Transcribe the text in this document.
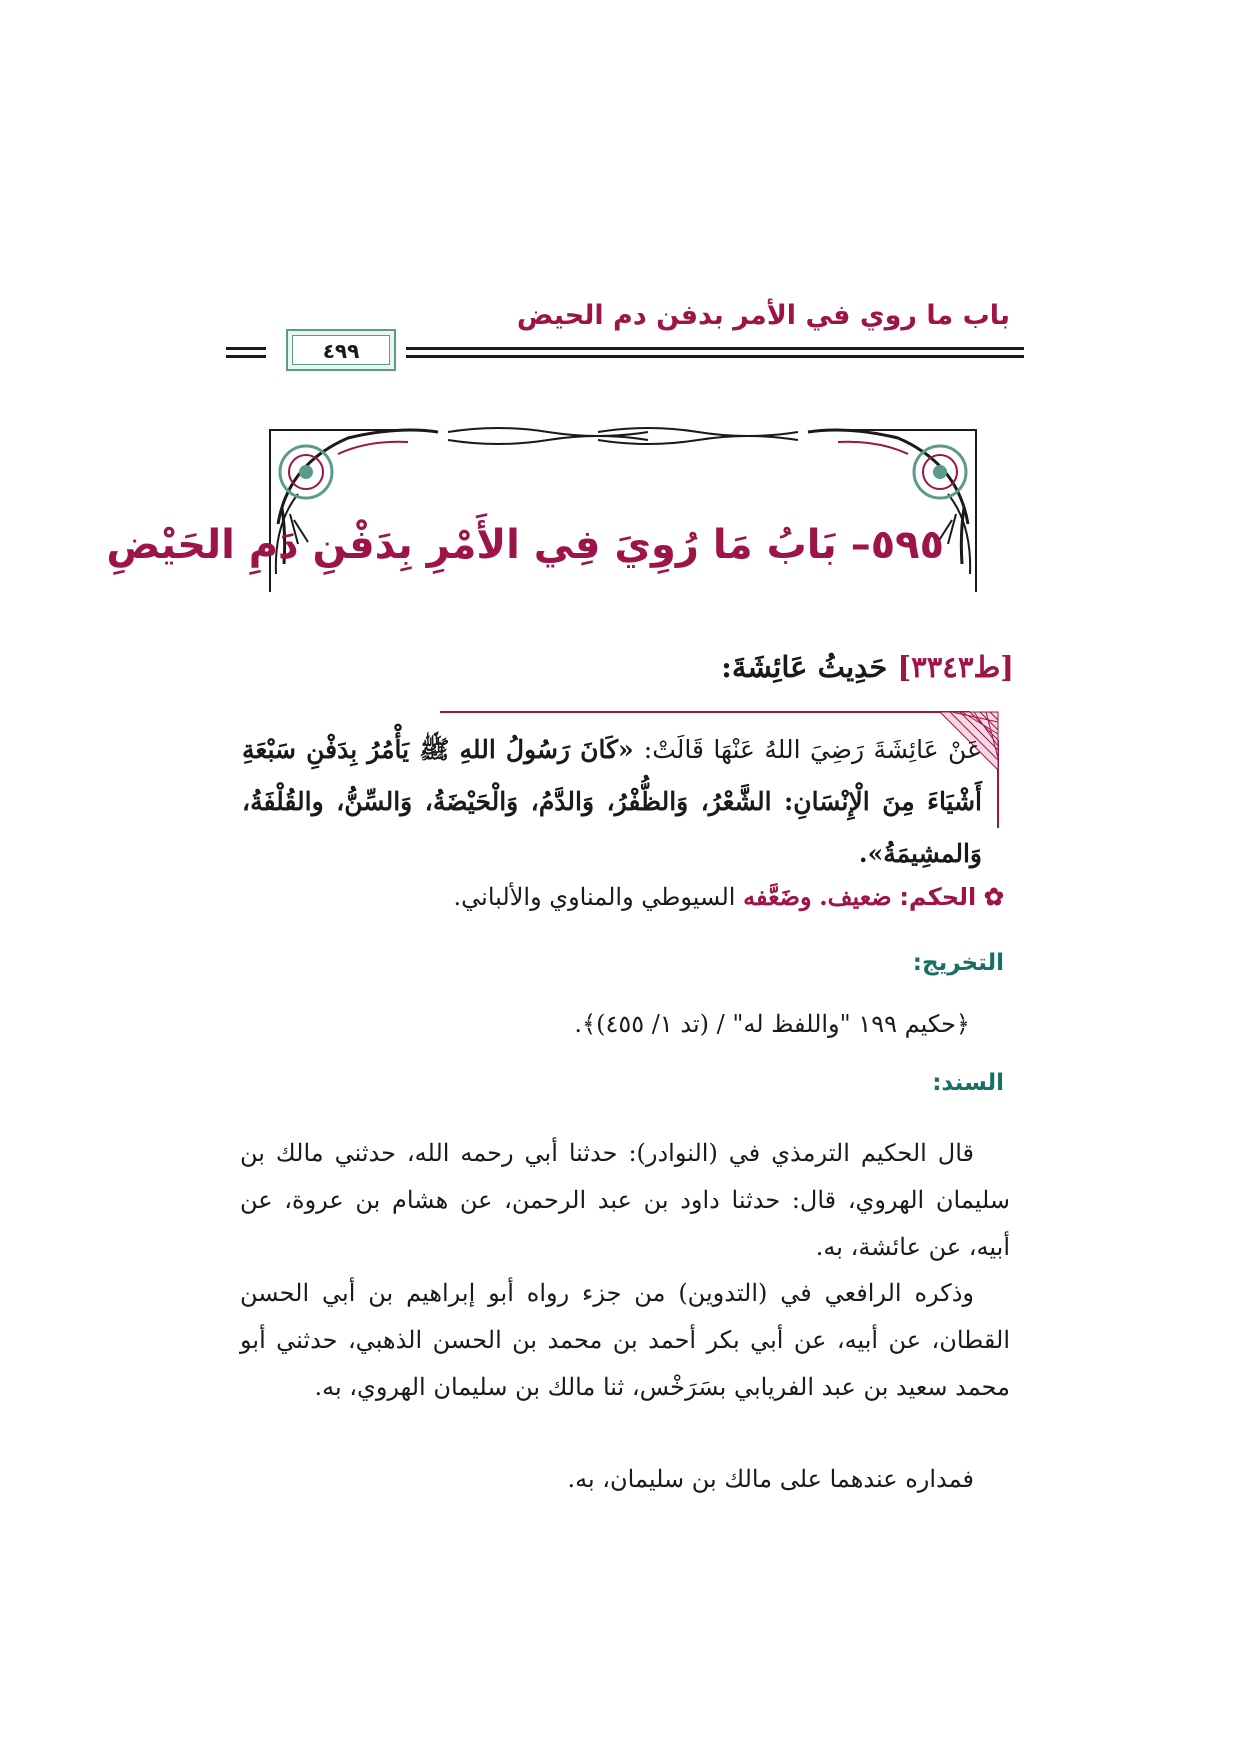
باب ما روي في الأمر بدفن دم الحيض
٤٩٩
٥٩٥– بَابُ مَا رُوِيَ فِي الأَمْرِ بِدَفْنِ دَمِ الحَيْضِ
[ط٣٣٤٣] حَدِيثُ عَائِشَةَ:
عَنْ عَائِشَةَ رَضِيَ اللهُ عَنْهَا قَالَتْ: «كَانَ رَسُولُ اللهِ ﷺ يَأْمُرُ بِدَفْنِ سَبْعَةِ أَشْيَاءَ مِنَ الْإِنْسَانِ: الشَّعْرُ، وَالظُّفْرُ، وَالدَّمُ، وَالْحَيْضَةُ، وَالسِّنُّ، والقُلْفَةُ، وَالمشِيمَةُ».
✿ الحكم: ضعيف. وضَعَّفه السيوطي والمناوي والألباني.
التخريج:
﴿حكيم ١٩٩ "واللفظ له" / (تد ١/ ٤٥٥)﴾.
السند:
قال الحكيم الترمذي في (النوادر): حدثنا أبي رحمه الله، حدثني مالك بن سليمان الهروي، قال: حدثنا داود بن عبد الرحمن، عن هشام بن عروة، عن أبيه، عن عائشة، به.
وذكره الرافعي في (التدوين) من جزء رواه أبو إبراهيم بن أبي الحسن القطان، عن أبيه، عن أبي بكر أحمد بن محمد بن الحسن الذهبي، حدثني أبو محمد سعيد بن عبد الفريابي بسَرَخْس، ثنا مالك بن سليمان الهروي، به.
فمداره عندهما على مالك بن سليمان، به.
